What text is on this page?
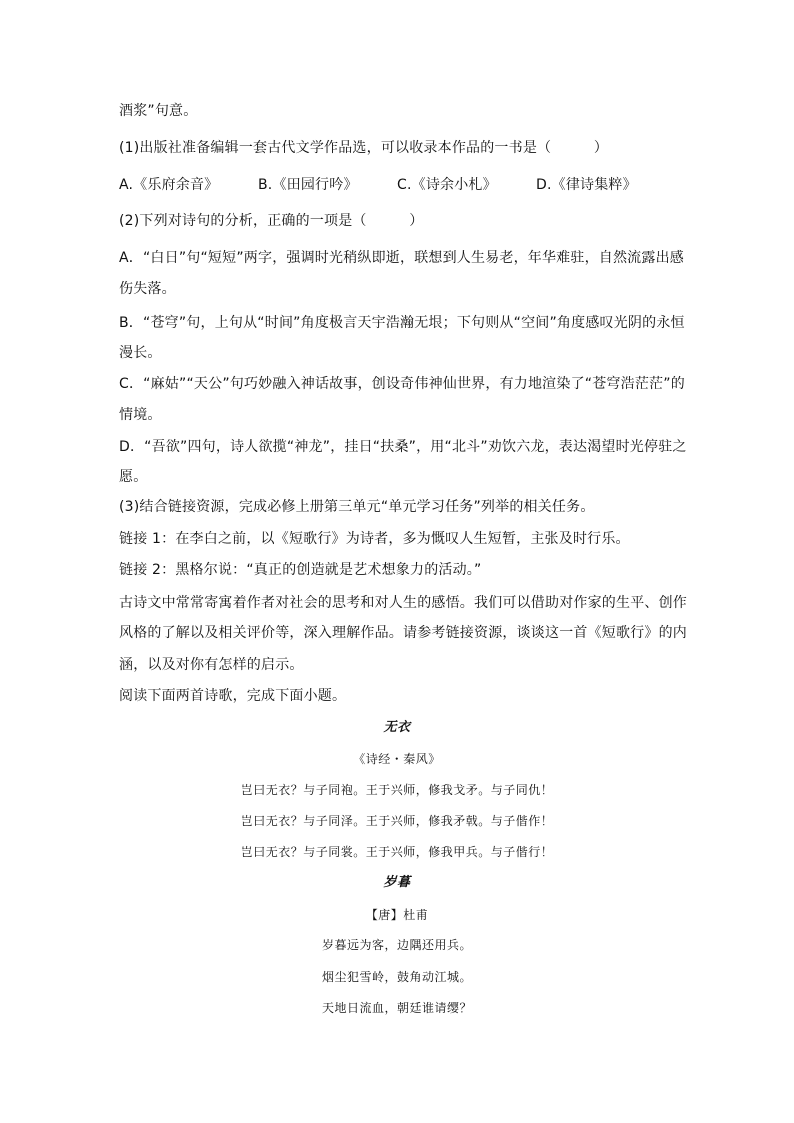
酒浆”句意。
(1)出版社准备编辑一套古代文学作品选，可以收录本作品的一书是（　　　）
A.《乐府余音》	B.《田园行吟》	C.《诗余小札》	D.《律诗集粹》
(2)下列对诗句的分析，正确的一项是（　　　）
A．“白日”句“短短”两字，强调时光稍纵即逝，联想到人生易老，年华难驻，自然流露出感
伤失落。
B．“苍穹”句，上句从“时间”角度极言天宇浩瀚无垠；下句则从“空间”角度感叹光阴的永恒
漫长。
C．“麻姑”“天公”句巧妙融入神话故事，创设奇伟神仙世界，有力地渲染了“苍穹浩茫茫”的
情境。
D．“吾欲”四句，诗人欲揽“神龙”，挂日“扶桑”，用“北斗”劝饮六龙，表达渴望时光停驻之
愿。
(3)结合链接资源，完成必修上册第三单元“单元学习任务”列举的相关任务。
链接 1：在李白之前，以《短歌行》为诗者，多为慨叹人生短暂，主张及时行乐。
链接 2：黑格尔说：“真正的创造就是艺术想象力的活动。”
古诗文中常常寄寓着作者对社会的思考和对人生的感悟。我们可以借助对作家的生平、创作
风格的了解以及相关评价等，深入理解作品。请参考链接资源，谈谈这一首《短歌行》的内
涵，以及对你有怎样的启示。
阅读下面两首诗歌，完成下面小题。
无衣
《诗经・秦风》
岂曰无衣？与子同袍。王于兴师，修我戈矛。与子同仇！
岂曰无衣？与子同泽。王于兴师，修我矛戟。与子偕作！
岂曰无衣？与子同裳。王于兴师，修我甲兵。与子偕行！
岁暮
【唐】杜甫
岁暮远为客，边隅还用兵。
烟尘犯雪岭，鼓角动江城。
天地日流血，朝廷谁请缨？
